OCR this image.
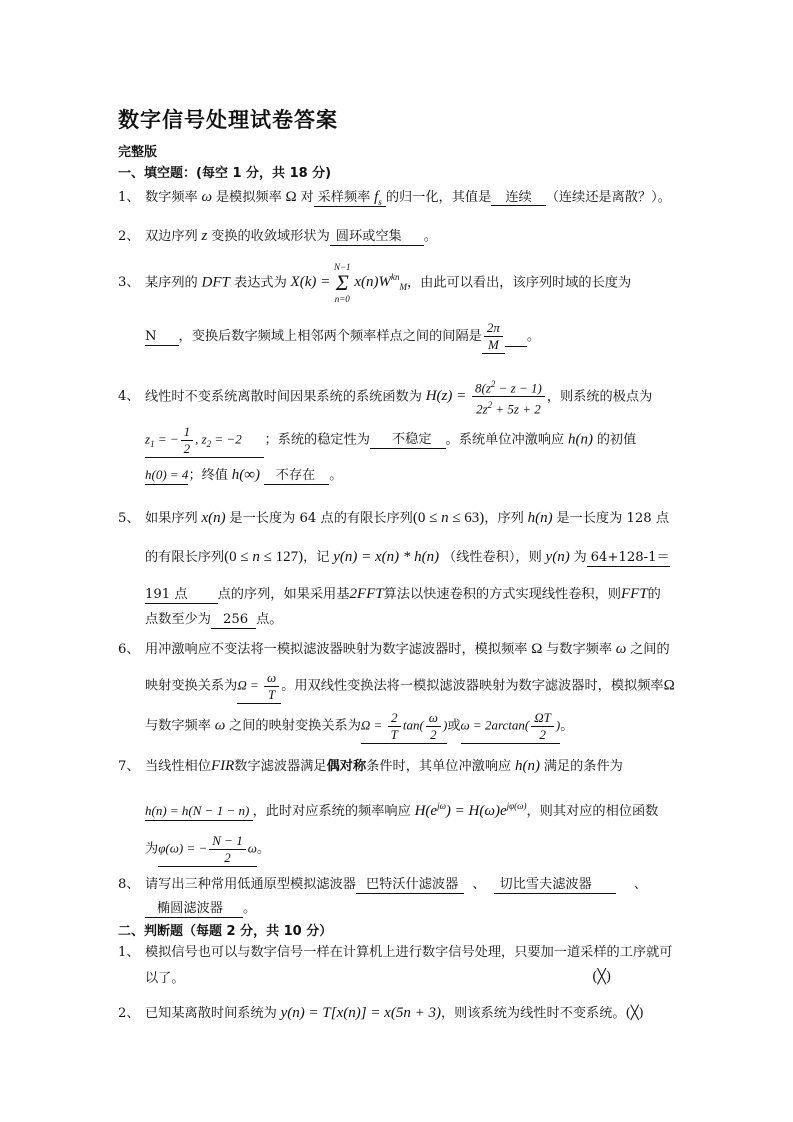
数字信号处理试卷答案
完整版
一、填空题：(每空 1 分，共 18 分)
1、 数字频率 ω 是模拟频率 Ω 对 采样频率 $f_s$ 的归一化，其值是 连续 （连续还是离散？）。
2、 双边序列 z 变换的收敛域形状为 圆环或空集 。
3、 某序列的 DFT 表达式为 X(k) =
N−1
Σ
n=0
$x(n)W^{kn}_M$，由此可以看出，该序列时域的长度为
N ，变换后数字频域上相邻两个频率样点之间的间隔是 $\frac{2\pi}{M}$ 。
4、 线性时不变系统离散时间因果系统的系统函数为 $H(z) = \frac{8(z^2 - z - 1)}{2z^2 + 5z + 2}$ ，则系统的极点为
$z_1$ = − $\frac{1}{2}$ , $z_2 = -2$       ；系统的稳定性为 不稳定 。系统单位冲激响应 h(n) 的初值
h(0) = 4；终值 h(∞) 不存在 。
5、 如果序列 x(n) 是一长度为 64 点的有限长序列(0 ≤ n ≤ 63)，序列 h(n) 是一长度为 128 点
的有限长序列(0 ≤ n ≤ 127)，记 y(n) = x(n) * h(n) （线性卷积），则 y(n) 为 64+128-1＝
191 点 点的序列，如果采用基2FFT算法以快速卷积的方式实现线性卷积，则FFT的
点数至少为 256 点。
6、 用冲激响应不变法将一模拟滤波器映射为数字滤波器时，模拟频率 Ω 与数字频率 ω 之间的
映射变换关系为$\Omega = \frac{\omega}{T}$ 。用双线性变换法将一模拟滤波器映射为数字滤波器时，模拟频率Ω
与数字频率 ω 之间的映射变换关系为$\Omega = \frac{2}{T} \tan( \frac{\omega}{2}$ )或$\omega = 2\arctan( \frac{\Omega T}{2}$ )。
7、 当线性相位FIR数字滤波器满足偶对称条件时，其单位冲激响应 h(n) 满足的条件为
h(n) = h(N − 1 − n) ，此时对应系统的频率响应 $H(e^{j\omega}) = H(\omega)e^{j\varphi(\omega)}$，则其对应的相位函数
为φ(ω) = − $\frac{N - 1}{2}$ ω。
8、 请写出三种常用低通原型模拟滤波器 巴特沃什滤波器 、 切比雪夫滤波器	、
椭圆滤波器 。
二、判断题（每题 2 分，共 10 分）
1、 模拟信号也可以与数字信号一样在计算机上进行数字信号处理，只要加一道采样的工序就可
以了。	(╳)
2、 已知某离散时间系统为 y(n) = T[x(n)] = x(5n + 3)，则该系统为线性时不变系统。(╳)
